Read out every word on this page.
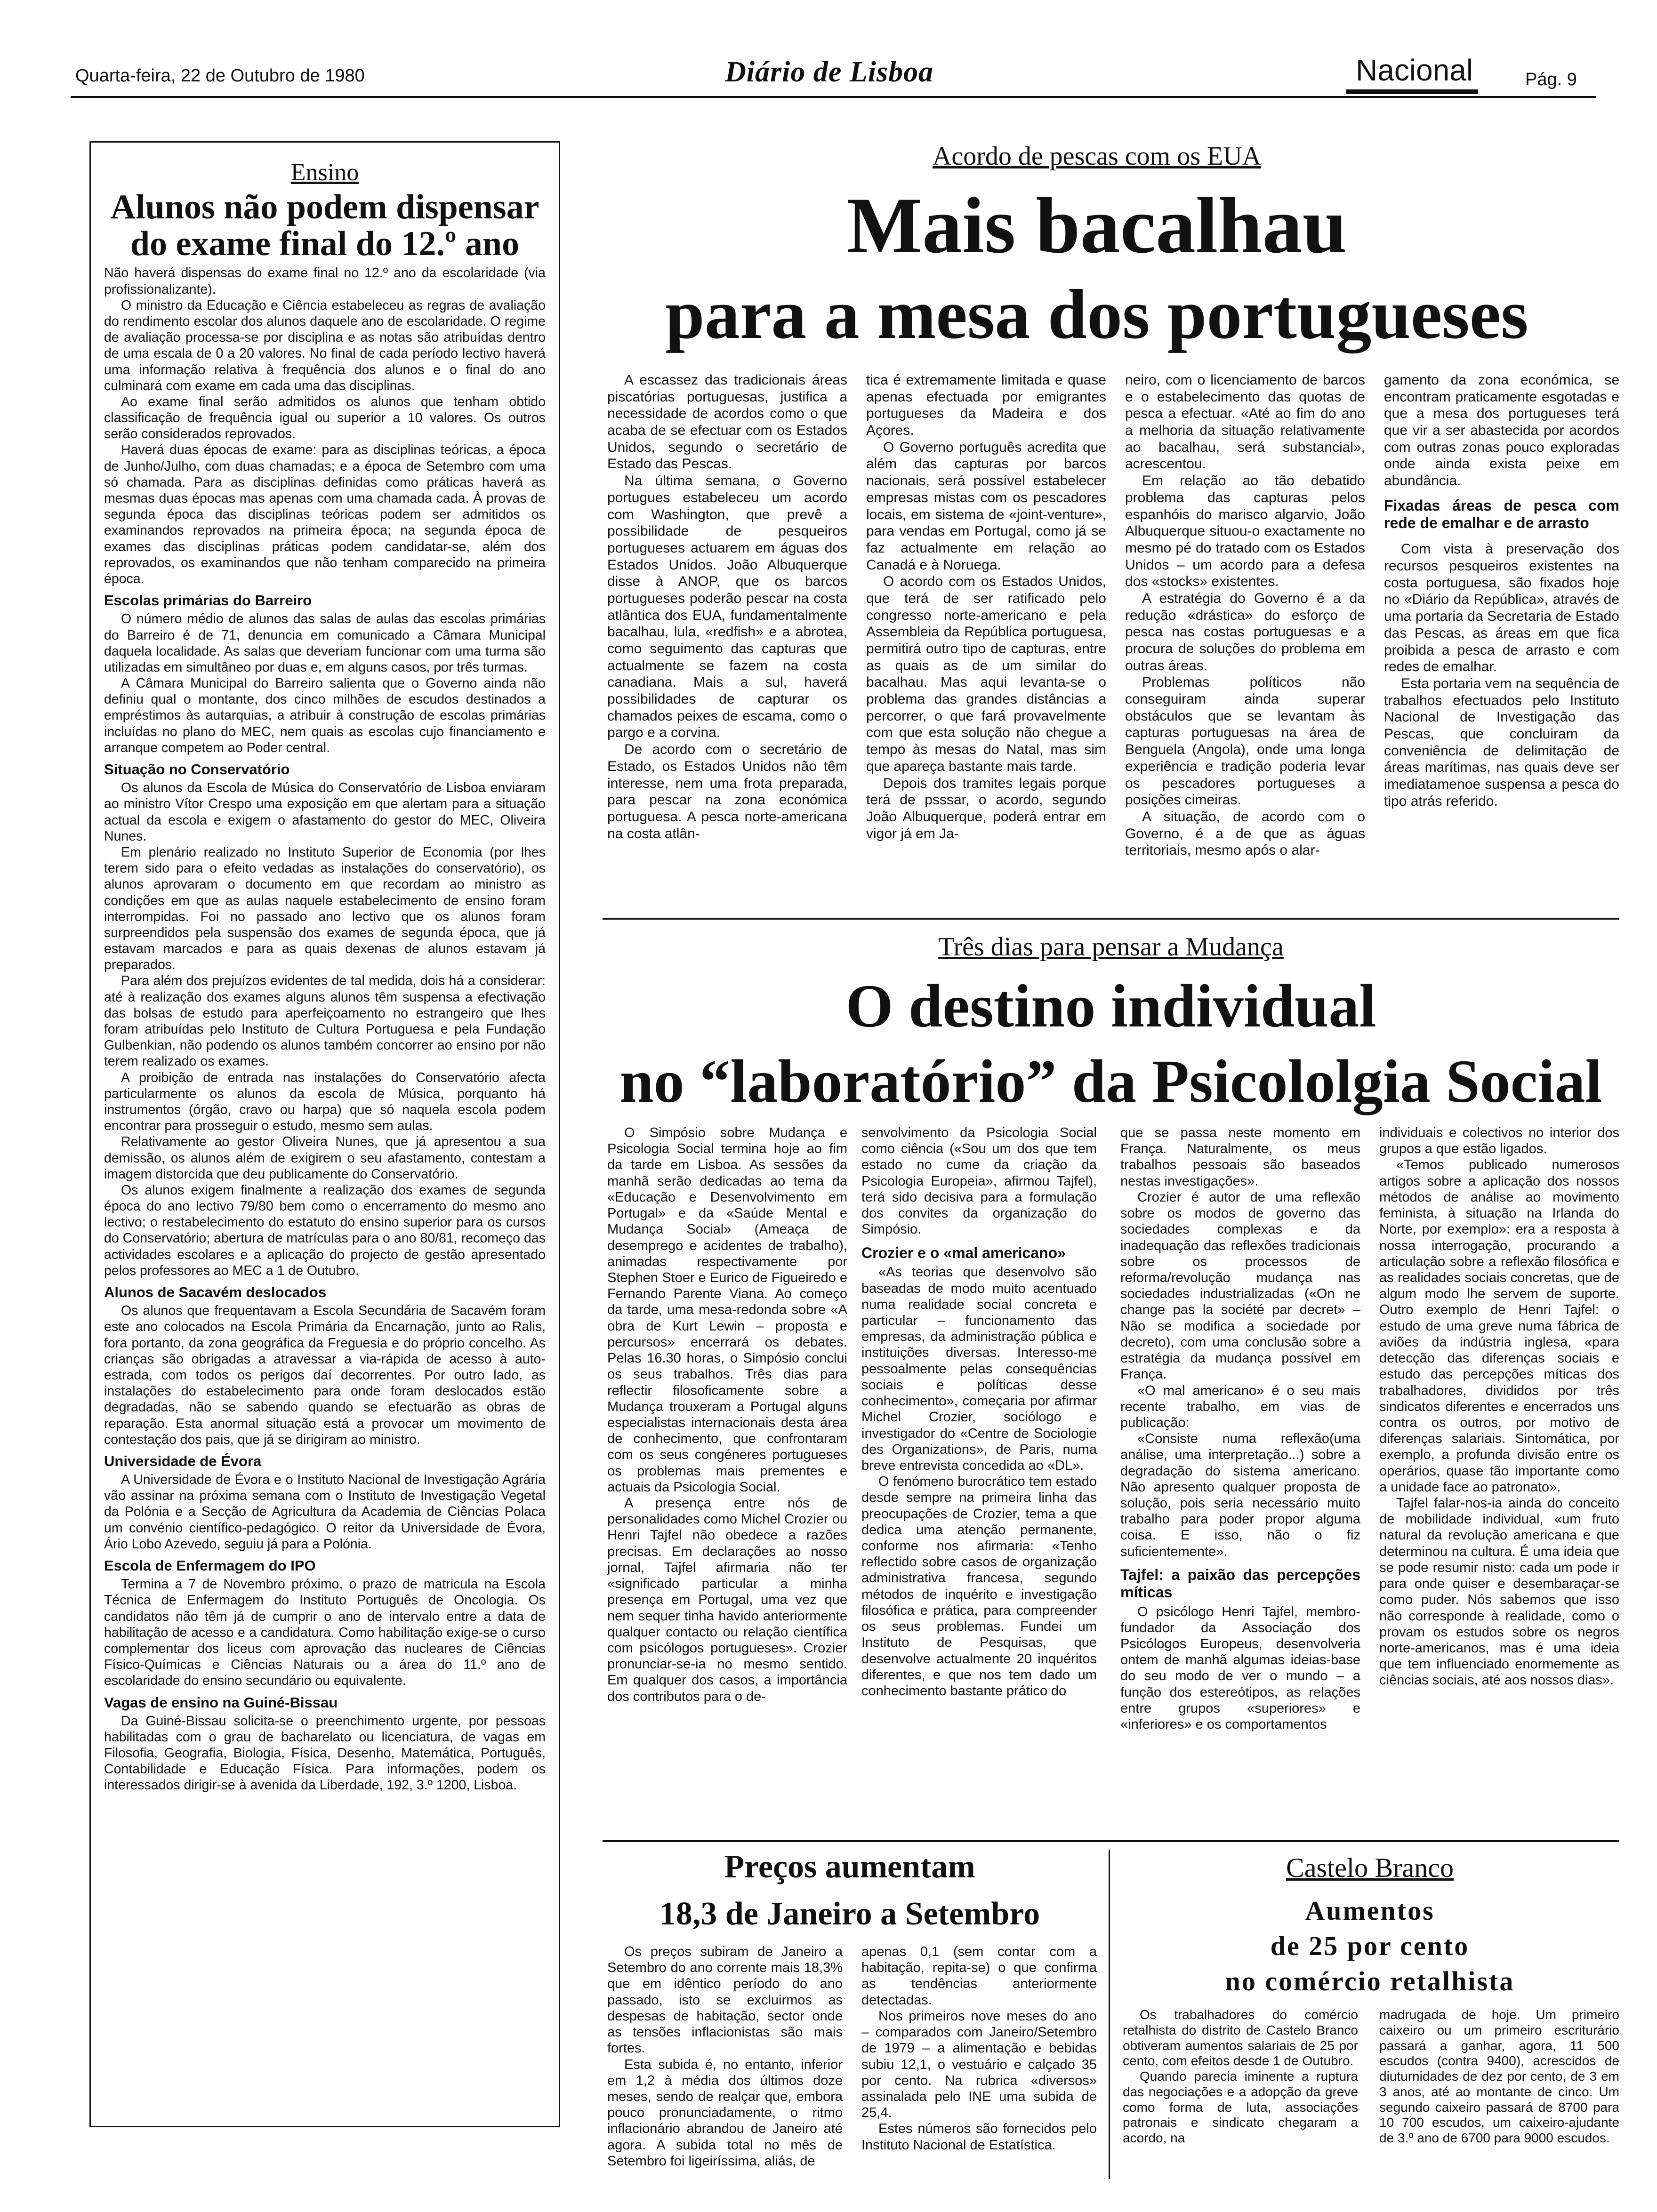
Quarta-feira, 22 de Outubro de 1980	Diário de Lisboa	Nacional	Pág. 9
Ensino
Alunos não podem dispensar
do exame final do 12.º ano

Não haverá dispensas do exame final no 12.º ano da escolaridade (via profissionalizante).

O ministro da Educação e Ciência estabeleceu as regras de avaliação do rendimento escolar dos alunos daquele ano de escolaridade. O regime de avaliação processa-se por disciplina e as notas são atribuídas dentro de uma escala de 0 a 20 valores. No final de cada período lectivo haverá uma informação relativa à frequência dos alunos e o final do ano culminará com exame em cada uma das disciplinas.

Ao exame final serão admitidos os alunos que tenham obtido classificação de frequência igual ou superior a 10 valores. Os outros serão considerados reprovados.

Haverá duas épocas de exame: para as disciplinas teóricas, a época de Junho/Julho, com duas chamadas; e a época de Setembro com uma só chamada. Para as disciplinas definidas como práticas haverá as mesmas duas épocas mas apenas com uma chamada cada. À provas de segunda época das disciplinas teóricas podem ser admitidos os examinandos reprovados na primeira época; na segunda época de exames das disciplinas práticas podem candidatar-se, além dos reprovados, os examinandos que não tenham comparecido na primeira época.

Escolas primárias do Barreiro

O número médio de alunos das salas de aulas das escolas primárias do Barreiro é de 71, denuncia em comunicado a Câmara Municipal daquela localidade. As salas que deveriam funcionar com uma turma são utilizadas em simultâneo por duas e, em alguns casos, por três turmas.

A Câmara Municipal do Barreiro salienta que o Governo ainda não definiu qual o montante, dos cinco milhões de escudos destinados a empréstimos às autarquias, a atribuir à construção de escolas primárias incluídas no plano do MEC, nem quais as escolas cujo financiamento e arranque competem ao Poder central.

Situação no Conservatório

Os alunos da Escola de Música do Conservatório de Lisboa enviaram ao ministro Vítor Crespo uma exposição em que alertam para a situação actual da escola e exigem o afastamento do gestor do MEC, Oliveira Nunes.

Em plenário realizado no Instituto Superior de Economia (por lhes terem sido para o efeito vedadas as instalações do conservatório), os alunos aprovaram o documento em que recordam ao ministro as condições em que as aulas naquele estabelecimento de ensino foram interrompidas. Foi no passado ano lectivo que os alunos foram surpreendidos pela suspensão dos exames de segunda época, que já estavam marcados e para as quais dexenas de alunos estavam já preparados.

Para além dos prejuízos evidentes de tal medida, dois há a considerar: até à realização dos exames alguns alunos têm suspensa a efectivação das bolsas de estudo para aperfeiçoamento no estrangeiro que lhes foram atribuídas pelo Instituto de Cultura Portuguesa e pela Fundação Gulbenkian, não podendo os alunos também concorrer ao ensino por não terem realizado os exames.

A proibição de entrada nas instalações do Conservatório afecta particularmente os alunos da escola de Música, porquanto há instrumentos (órgão, cravo ou harpa) que só naquela escola podem encontrar para prosseguir o estudo, mesmo sem aulas.

Relativamente ao gestor Oliveira Nunes, que já apresentou a sua demissão, os alunos além de exigirem o seu afastamento, contestam a imagem distorcida que deu publicamente do Conservatório.

Os alunos exigem finalmente a realização dos exames de segunda época do ano lectivo 79/80 bem como o encerramento do mesmo ano lectivo; o restabelecimento do estatuto do ensino superior para os cursos do Conservatório; abertura de matrículas para o ano 80/81, recomeço das actividades escolares e a aplicação do projecto de gestão apresentado pelos professores ao MEC a 1 de Outubro.

Alunos de Sacavém deslocados

Os alunos que frequentavam a Escola Secundária de Sacavém foram este ano colocados na Escola Primária da Encarnação, junto ao Ralis, fora portanto, da zona geográfica da Freguesia e do próprio concelho. As crianças são obrigadas a atravessar a via-rápida de acesso à auto-estrada, com todos os perigos daí decorrentes. Por outro lado, as instalações do estabelecimento para onde foram deslocados estão degradadas, não se sabendo quando se efectuarão as obras de reparação. Esta anormal situação está a provocar um movimento de contestação dos pais, que já se dirigiram ao ministro.

Universidade de Évora

A Universidade de Évora e o Instituto Nacional de Investigação Agrária vão assinar na próxima semana com o Instituto de Investigação Vegetal da Polónia e a Secção de Agricultura da Academia de Ciências Polaca um convénio científico-pedagógico. O reitor da Universidade de Évora, Ário Lobo Azevedo, seguiu já para a Polónia.

Escola de Enfermagem do IPO

Termina a 7 de Novembro próximo, o prazo de matricula na Escola Técnica de Enfermagem do Instituto Português de Oncologia. Os candidatos não têm já de cumprir o ano de intervalo entre a data de habilitação de acesso e a candidatura. Como habilitação exige-se o curso complementar dos liceus com aprovação das nucleares de Ciências Físico-Químicas e Ciências Naturais ou a área do 11.º ano de escolaridade do ensino secundário ou equivalente.

Vagas de ensino na Guiné-Bissau

Da Guiné-Bissau solicita-se o preenchimento urgente, por pessoas habilitadas com o grau de bacharelato ou licenciatura, de vagas em Filosofia, Geografia, Biologia, Física, Desenho, Matemática, Português, Contabilidade e Educação Física. Para informações, podem os interessados dirigir-se à avenida da Liberdade, 192, 3.º 1200, Lisboa.

Acordo de pescas com os EUA
Mais bacalhau
para a mesa dos portugueses

A escassez das tradicionais áreas piscatórias portuguesas, justifica a necessidade de acordos como o que acaba de se efectuar com os Estados Unidos, segundo o secretário de Estado das Pescas.

Na última semana, o Governo portugues estabeleceu um acordo com Washington, que prevê a possibilidade de pesqueiros portugueses actuarem em águas dos Estados Unidos. João Albuquerque disse à ANOP, que os barcos portugueses poderão pescar na costa atlântica dos EUA, fundamentalmente bacalhau, lula, «redfish» e a abrotea, como seguimento das capturas que actualmente se fazem na costa canadiana. Mais a sul, haverá possibilidades de capturar os chamados peixes de escama, como o pargo e a corvina.

De acordo com o secretário de Estado, os Estados Unidos não têm interesse, nem uma frota preparada, para pescar na zona económica portuguesa. A pesca norte-americana na costa atlân-

tica é extremamente limitada e quase apenas efectuada por emigrantes portugueses da Madeira e dos Açores.

O Governo português acredita que além das capturas por barcos nacionais, será possível estabelecer empresas mistas com os pescadores locais, em sistema de «joint-venture», para vendas em Portugal, como já se faz actualmente em relação ao Canadá e à Noruega.

O acordo com os Estados Unidos, que terá de ser ratificado pelo congresso norte-americano e pela Assembleia da República portuguesa, permitirá outro tipo de capturas, entre as quais as de um similar do bacalhau. Mas aqui levanta-se o problema das grandes distâncias a percorrer, o que fará provavelmente com que esta solução não chegue a tempo às mesas do Natal, mas sim que apareça bastante mais tarde.

Depois dos tramites legais porque terá de psssar, o acordo, segundo João Albuquerque, poderá entrar em vigor já em Ja-

neiro, com o licenciamento de barcos e o estabelecimento das quotas de pesca a efectuar. «Até ao fim do ano a melhoria da situação relativamente ao bacalhau, será substancial», acrescentou.

Em relação ao tão debatido problema das capturas pelos espanhóis do marisco algarvio, João Albuquerque situou-o exactamente no mesmo pé do tratado com os Estados Unidos – um acordo para a defesa dos «stocks» existentes.

A estratégia do Governo é a da redução «drástica» do esforço de pesca nas costas portuguesas e a procura de soluções do problema em outras áreas.

Problemas políticos não conseguiram ainda superar obstáculos que se levantam às capturas portuguesas na área de Benguela (Angola), onde uma longa experiência e tradição poderia levar os pescadores portugueses a posições cimeiras.

A situação, de acordo com o Governo, é a de que as águas territoriais, mesmo após o alar-

gamento da zona económica, se encontram praticamente esgotadas e que a mesa dos portugueses terá que vir a ser abastecida por acordos com outras zonas pouco exploradas onde ainda exista peixe em abundância.

Fixadas áreas de pesca com rede de emalhar e de arrasto

Com vista à preservação dos recursos pesqueiros existentes na costa portuguesa, são fixados hoje no «Diário da República», através de uma portaria da Secretaria de Estado das Pescas, as áreas em que fica proibida a pesca de arrasto e com redes de emalhar.

Esta portaria vem na sequência de trabalhos efectuados pelo Instituto Nacional de Investigação das Pescas, que concluiram da conveniência de delimitação de áreas marítimas, nas quais deve ser imediatamenoe suspensa a pesca do tipo atrás referido.

Três dias para pensar a Mudança
O destino individual
no “laboratório” da Psicololgia Social

O Simpósio sobre Mudança e Psicologia Social termina hoje ao fim da tarde em Lisboa. As sessões da manhã serão dedicadas ao tema da «Educação e Desenvolvimento em Portugal» e da «Saúde Mental e Mudança Social» (Ameaça de desemprego e acidentes de trabalho), animadas respectivamente por Stephen Stoer e Eurico de Figueiredo e Fernando Parente Viana. Ao começo da tarde, uma mesa-redonda sobre «A obra de Kurt Lewin – proposta e percursos» encerrará os debates. Pelas 16.30 horas, o Simpósio conclui os seus trabalhos. Três dias para reflectir filosoficamente sobre a Mudança trouxeram a Portugal alguns especialistas internacionais desta área de conhecimento, que confrontaram com os seus congéneres portugueses os problemas mais prementes e actuais da Psicologia Social.

A presença entre nós de personalidades como Michel Crozier ou Henri Tajfel não obedece a razões precisas. Em declarações ao nosso jornal, Tajfel afirmaria não ter «significado particular a minha presença em Portugal, uma vez que nem sequer tinha havido anteriormente qualquer contacto ou relação científica com psicólogos portugueses». Crozier pronunciar-se-ia no mesmo sentido. Em qualquer dos casos, a importância dos contributos para o de-

senvolvimento da Psicologia Social como ciência («Sou um dos que tem estado no cume da criação da Psicologia Europeia», afirmou Tajfel), terá sido decisiva para a formulação dos convites da organização do Simpósio.

Crozier e o «mal americano»

«As teorias que desenvolvo são baseadas de modo muito acentuado numa realidade social concreta e particular – funcionamento das empresas, da administração pública e instituições diversas. Interesso-me pessoalmente pelas consequências sociais e políticas desse conhecimento», começaria por afirmar Michel Crozier, sociólogo e investigador do «Centre de Sociologie des Organizations», de Paris, numa breve entrevista concedida ao «DL».

O fenómeno burocrático tem estado desde sempre na primeira linha das preocupações de Crozier, tema a que dedica uma atenção permanente, conforme nos afirmaria: «Tenho reflectido sobre casos de organização administrativa francesa, segundo métodos de inquérito e investigação filosófica e prática, para compreender os seus problemas. Fundei um Instituto de Pesquisas, que desenvolve actualmente 20 inquéritos diferentes, e que nos tem dado um conhecimento bastante prático do

que se passa neste momento em França. Naturalmente, os meus trabalhos pessoais são baseados nestas investigações».

Crozier é autor de uma reflexão sobre os modos de governo das sociedades complexas e da inadequação das reflexões tradicionais sobre os processos de reforma/revolução mudança nas sociedades industrializadas («On ne change pas la société par decret» – Não se modifica a sociedade por decreto), com uma conclusão sobre a estratégia da mudança possível em França.

«O mal americano» é o seu mais recente trabalho, em vias de publicação:

«Consiste numa reflexão(uma análise, uma interpretação...) sobre a degradação do sistema americano. Não apresento qualquer proposta de solução, pois seria necessário muito trabalho para poder propor alguma coisa. E isso, não o fiz suficientemente».

Tajfel: a paixão das percepções míticas

O psicólogo Henri Tajfel, membro-fundador da Associação dos Psicólogos Europeus, desenvolveria ontem de manhã algumas ideias-base do seu modo de ver o mundo – a função dos estereótipos, as relações entre grupos «superiores» e «inferiores» e os comportamentos

individuais e colectivos no interior dos grupos a que estão ligados.

«Temos publicado numerosos artigos sobre a aplicação dos nossos métodos de análise ao movimento feminista, à situação na Irlanda do Norte, por exemplo»: era a resposta à nossa interrogação, procurando a articulação sobre a reflexão filosófica e as realidades sociais concretas, que de algum modo lhe servem de suporte. Outro exemplo de Henri Tajfel: o estudo de uma greve numa fábrica de aviões da indústria inglesa, «para detecção das diferenças sociais e estudo das percepções míticas dos trabalhadores, divididos por três sindicatos diferentes e encerrados uns contra os outros, por motivo de diferenças salariais. Sintomática, por exemplo, a profunda divisão entre os operários, quase tão importante como a unidade face ao patronato».

Tajfel falar-nos-ia ainda do conceito de mobilidade individual, «um fruto natural da revolução americana e que determinou na cultura. É uma ideia que se pode resumir nisto: cada um pode ir para onde quiser e desembaraçar-se como puder. Nós sabemos que isso não corresponde à realidade, como o provam os estudos sobre os negros norte-americanos, mas é uma ideia que tem influenciado enormemente as ciências sociais, até aos nossos dias».

Preços aumentam
18,3 de Janeiro a Setembro

Os preços subiram de Janeiro a Setembro do ano corrente mais 18,3% que em idêntico período do ano passado, isto se excluirmos as despesas de habitação, sector onde as tensões inflacionistas são mais fortes.

Esta subida é, no entanto, inferior em 1,2 à média dos últimos doze meses, sendo de realçar que, embora pouco pronunciadamente, o ritmo inflacionário abrandou de Janeiro até agora. A subida total no mês de Setembro foi ligeiríssima, aliás, de

apenas 0,1 (sem contar com a habitação, repita-se) o que confirma as tendências anteriormente detectadas.

Nos primeiros nove meses do ano – comparados com Janeiro/Setembro de 1979 – a alimentação e bebidas subiu 12,1, o vestuário e calçado 35 por cento. Na rubrica «diversos» assinalada pelo INE uma subida de 25,4.

Estes números são fornecidos pelo Instituto Nacional de Estatística.

Castelo Branco
Aumentos
de 25 por cento
no comércio retalhista

Os trabalhadores do comércio retalhista do distrito de Castelo Branco obtiveram aumentos salariais de 25 por cento, com efeitos desde 1 de Outubro.

Quando parecia iminente a ruptura das negociações e a adopção da greve como forma de luta, associações patronais e sindicato chegaram a acordo, na

madrugada de hoje. Um primeiro caixeiro ou um primeiro escriturário passará a ganhar, agora, 11 500 escudos (contra 9400), acrescidos de diuturnidades de dez por cento, de 3 em 3 anos, até ao montante de cinco. Um segundo caixeiro passará de 8700 para 10 700 escudos, um caixeiro-ajudante de 3.º ano de 6700 para 9000 escudos.
